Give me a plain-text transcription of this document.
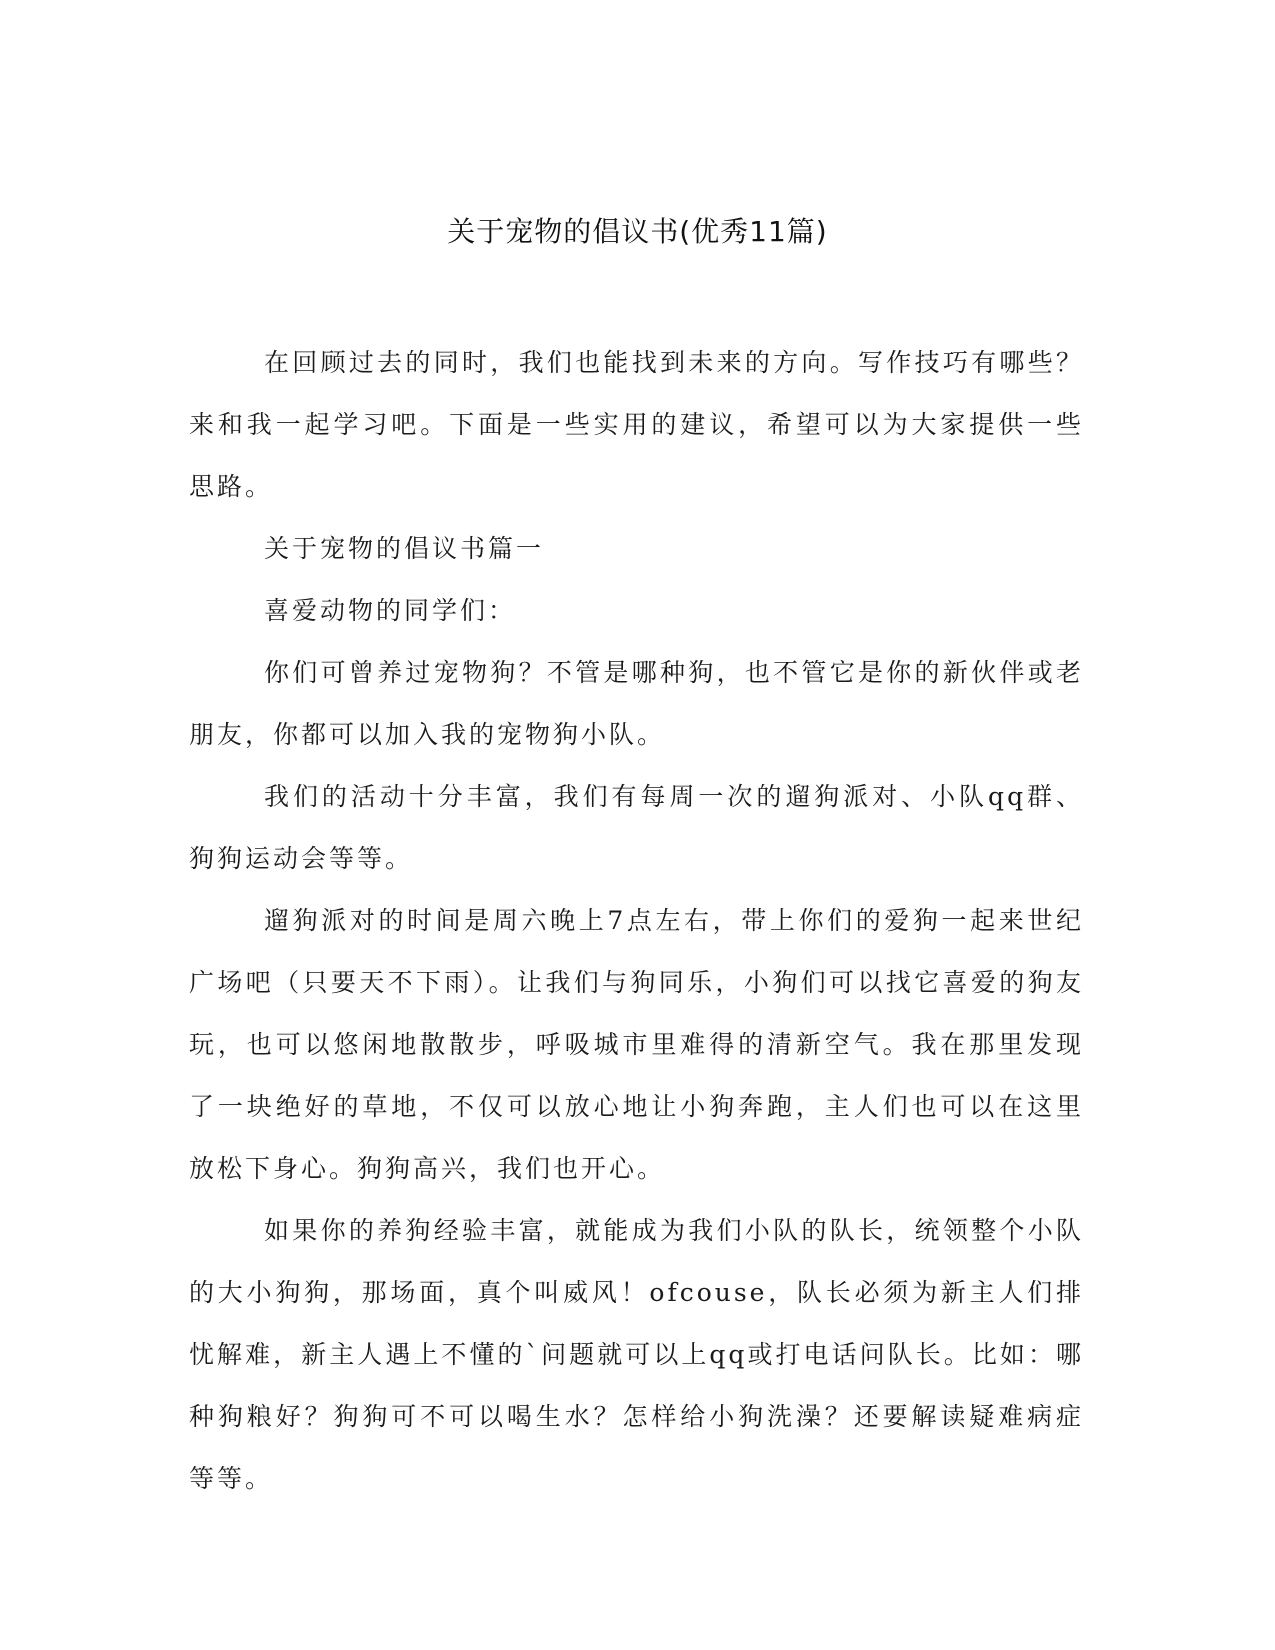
关于宠物的倡议书(优秀11篇)

在回顾过去的同时，我们也能找到未来的方向。写作技巧有哪些？来和我一起学习吧。下面是一些实用的建议，希望可以为大家提供一些思路。

关于宠物的倡议书篇一

喜爱动物的同学们：

你们可曾养过宠物狗？不管是哪种狗，也不管它是你的新伙伴或老朋友，你都可以加入我的宠物狗小队。

我们的活动十分丰富，我们有每周一次的遛狗派对、小队qq群、狗狗运动会等等。

遛狗派对的时间是周六晚上7点左右，带上你们的爱狗一起来世纪广场吧（只要天不下雨）。让我们与狗同乐，小狗们可以找它喜爱的狗友玩，也可以悠闲地散散步，呼吸城市里难得的清新空气。我在那里发现了一块绝好的草地，不仅可以放心地让小狗奔跑，主人们也可以在这里放松下身心。狗狗高兴，我们也开心。

如果你的养狗经验丰富，就能成为我们小队的队长，统领整个小队的大小狗狗，那场面，真个叫威风！ofcouse，队长必须为新主人们排忧解难，新主人遇上不懂的`问题就可以上qq或打电话问队长。比如：哪种狗粮好？狗狗可不可以喝生水？怎样给小狗洗澡？还要解读疑难病症等等。
